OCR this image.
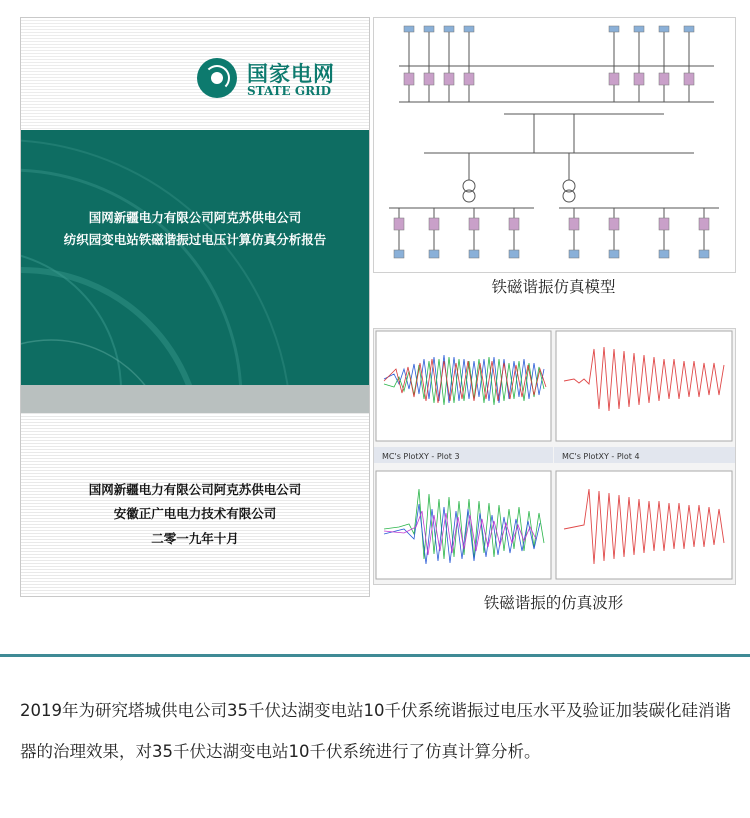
国家电网
STATE GRID
国网新疆电力有限公司阿克苏供电公司
纺织园变电站铁磁谐振过电压计算仿真分析报告
国网新疆电力有限公司阿克苏供电公司
安徽正广电电力技术有限公司
二零一九年十月
铁磁谐振仿真模型
MC's PlotXY - Plot 3	MC's PlotXY - Plot 4
铁磁谐振的仿真波形
2019年为研究塔城供电公司35千伏达湖变电站10千伏系统谐振过电压水平及验证加装碳化硅消谐器的治理效果，对35千伏达湖变电站10千伏系统进行了仿真计算分析。
